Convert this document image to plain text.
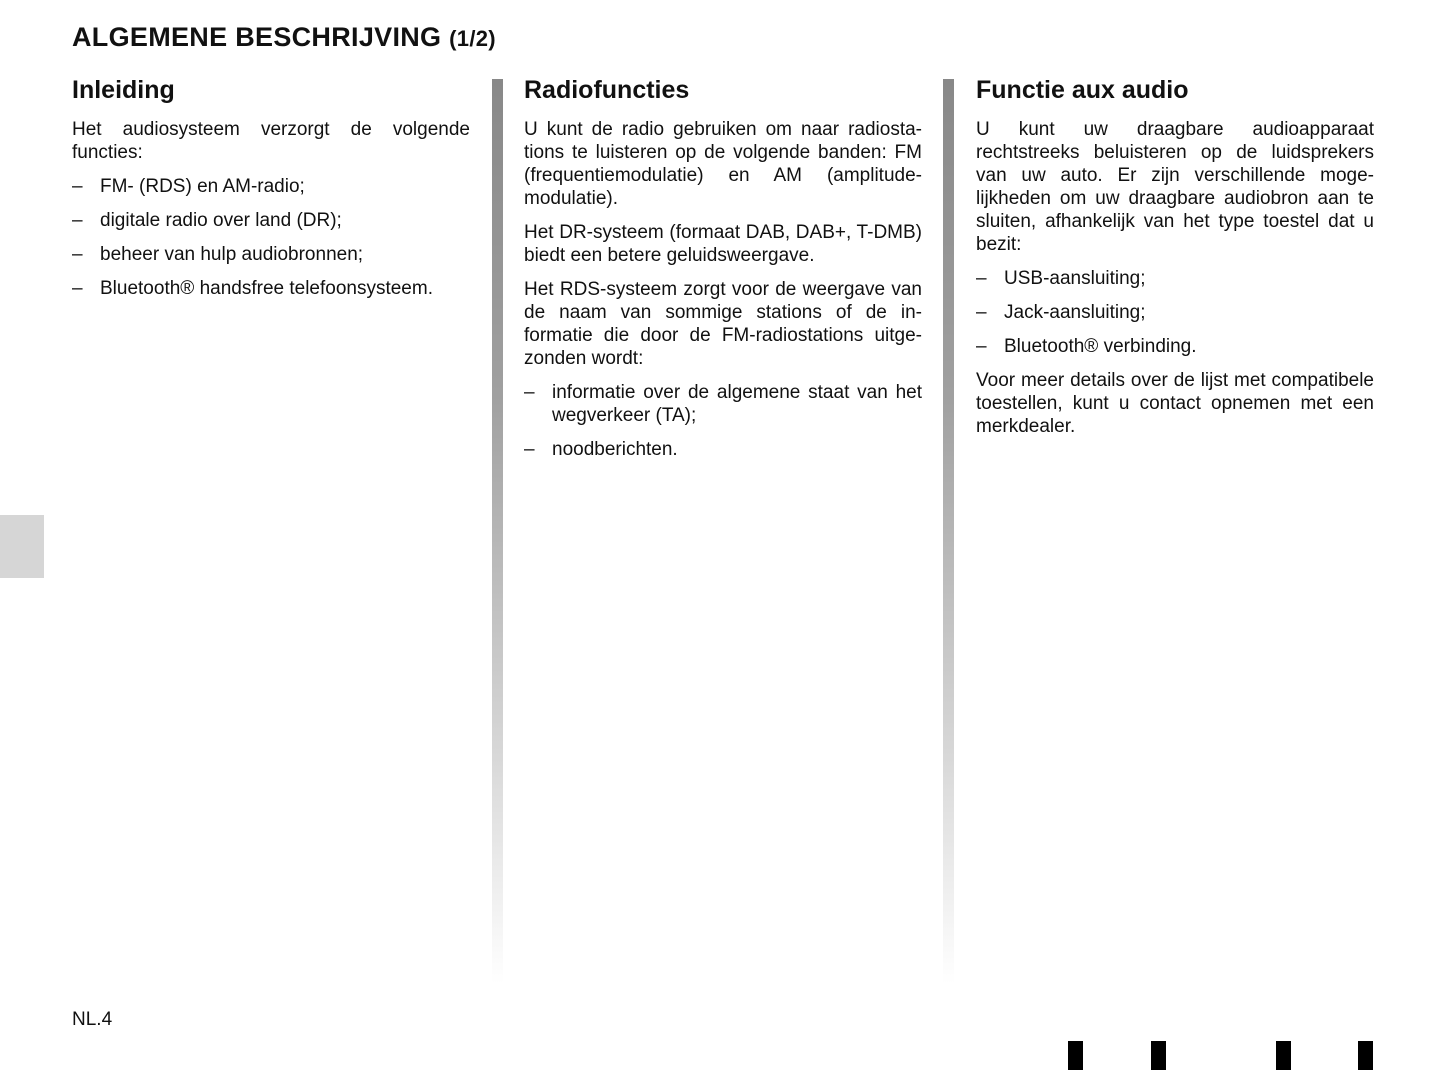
ALGEMENE BESCHRIJVING (1/2)
Inleiding

Het audiosysteem verzorgt de volgende functies:

– FM- (RDS) en AM-radio;
– digitale radio over land (DR);
– beheer van hulp audiobronnen;
– Bluetooth® handsfree telefoonsysteem.
Radiofuncties

U kunt de radio gebruiken om naar radiostations te luisteren op de volgende banden: FM (frequentiemodulatie) en AM (amplitudemodulatie).

Het DR-systeem (formaat DAB, DAB+, T-DMB) biedt een betere geluidsweergave.

Het RDS-systeem zorgt voor de weergave van de naam van sommige stations of de informatie die door de FM-radiostations uitgezonden wordt:

– informatie over de algemene staat van het wegverkeer (TA);
– noodberichten.
Functie aux audio

U kunt uw draagbare audioapparaat rechtstreeks beluisteren op de luidsprekers van uw auto. Er zijn verschillende mogelijkheden om uw draagbare audiobron aan te sluiten, afhankelijk van het type toestel dat u bezit:

– USB-aansluiting;
– Jack-aansluiting;
– Bluetooth® verbinding.

Voor meer details over de lijst met compatibele toestellen, kunt u contact opnemen met een merkdealer.

NL.4
